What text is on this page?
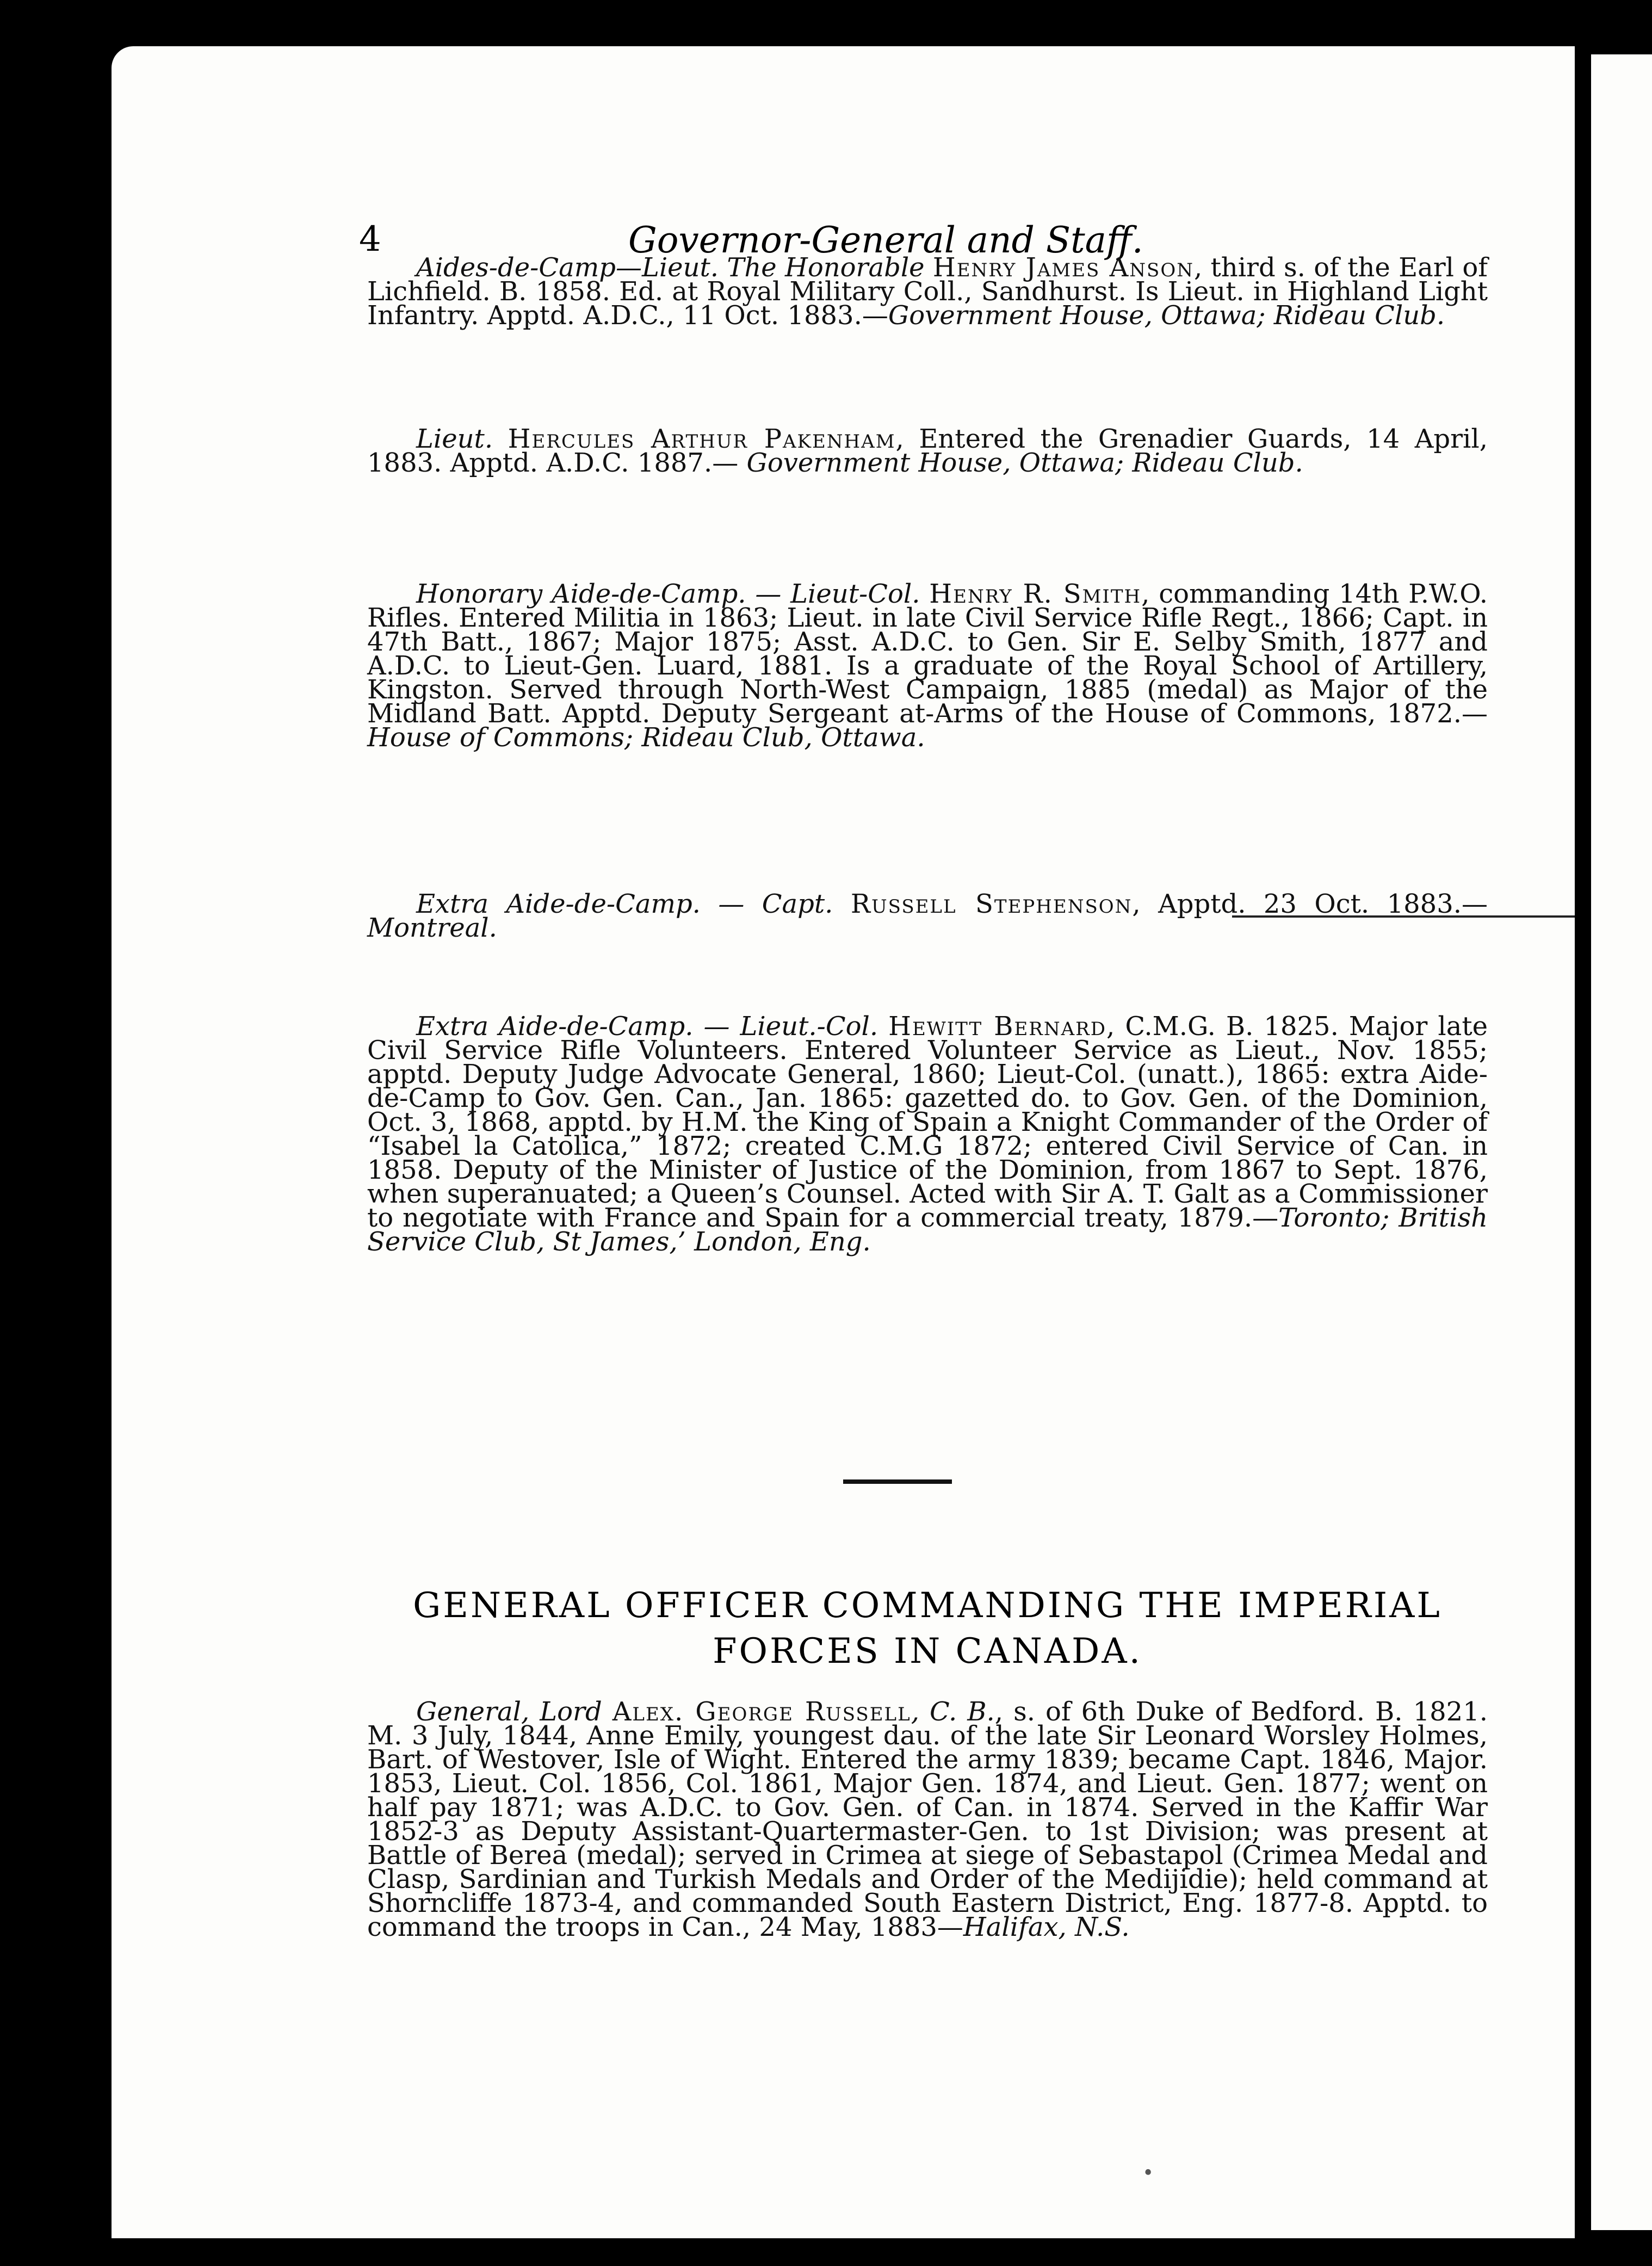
4	Governor-General and Staff.

Aides-de-Camp—Lieut. The Honorable Henry James Anson, third s. of the Earl of Lichfield. B. 1858. Ed. at Royal Military Coll., Sandhurst. Is Lieut. in Highland Light Infantry. Apptd. A.D.C., 11 Oct. 1883.—Government House, Ottawa; Rideau Club.

Lieut. Hercules Arthur Pakenham, Entered the Grenadier Guards, 14 April, 1883. Apptd. A.D.C. 1887.— Government House, Ottawa; Rideau Club.

Honorary Aide-de-Camp. — Lieut-Col. Henry R. Smith, commanding 14th P.W.O. Rifles. Entered Militia in 1863; Lieut. in late Civil Service Rifle Regt., 1866; Capt. in 47th Batt., 1867; Major 1875; Asst. A.D.C. to Gen. Sir E. Selby Smith, 1877 and A.D.C. to Lieut-Gen. Luard, 1881. Is a graduate of the Royal School of Artillery, Kingston. Served through North-West Campaign, 1885 (medal) as Major of the Midland Batt. Apptd. Deputy Sergeant at-Arms of the House of Commons, 1872.—House of Commons; Rideau Club, Ottawa.

Extra Aide-de-Camp. — Capt. Russell Stephenson, Apptd. 23 Oct. 1883.—Montreal.

Extra Aide-de-Camp. — Lieut.-Col. Hewitt Bernard, C.M.G. B. 1825. Major late Civil Service Rifle Volunteers. Entered Volunteer Service as Lieut., Nov. 1855; apptd. Deputy Judge Advocate General, 1860; Lieut-Col. (unatt.), 1865: extra Aide-de-Camp to Gov. Gen. Can., Jan. 1865: gazetted do. to Gov. Gen. of the Dominion, Oct. 3, 1868, apptd. by H.M. the King of Spain a Knight Commander of the Order of “Isabel la Catolica,” 1872; created C.M.G 1872; entered Civil Service of Can. in 1858. Deputy of the Minister of Justice of the Dominion, from 1867 to Sept. 1876, when superanuated; a Queen’s Counsel. Acted with Sir A. T. Galt as a Commissioner to negotiate with France and Spain for a commercial treaty, 1879.—Toronto; British Service Club, St James,’ London, Eng.

GENERAL OFFICER COMMANDING THE IMPERIAL FORCES IN CANADA.

General, Lord Alex. George Russell, C. B., s. of 6th Duke of Bedford. B. 1821. M. 3 July, 1844, Anne Emily, youngest dau. of the late Sir Leonard Worsley Holmes, Bart. of Westover, Isle of Wight. Entered the army 1839; became Capt. 1846, Major. 1853, Lieut. Col. 1856, Col. 1861, Major Gen. 1874, and Lieut. Gen. 1877; went on half pay 1871; was A.D.C. to Gov. Gen. of Can. in 1874. Served in the Kaffir War 1852-3 as Deputy Assistant-Quartermaster-Gen. to 1st Division; was present at Battle of Berea (medal); served in Crimea at siege of Sebastapol (Crimea Medal and Clasp, Sardinian and Turkish Medals and Order of the Medijidie); held command at Shorncliffe 1873-4, and commanded South Eastern District, Eng. 1877-8. Apptd. to command the troops in Can., 24 May, 1883—Halifax, N.S.

•
